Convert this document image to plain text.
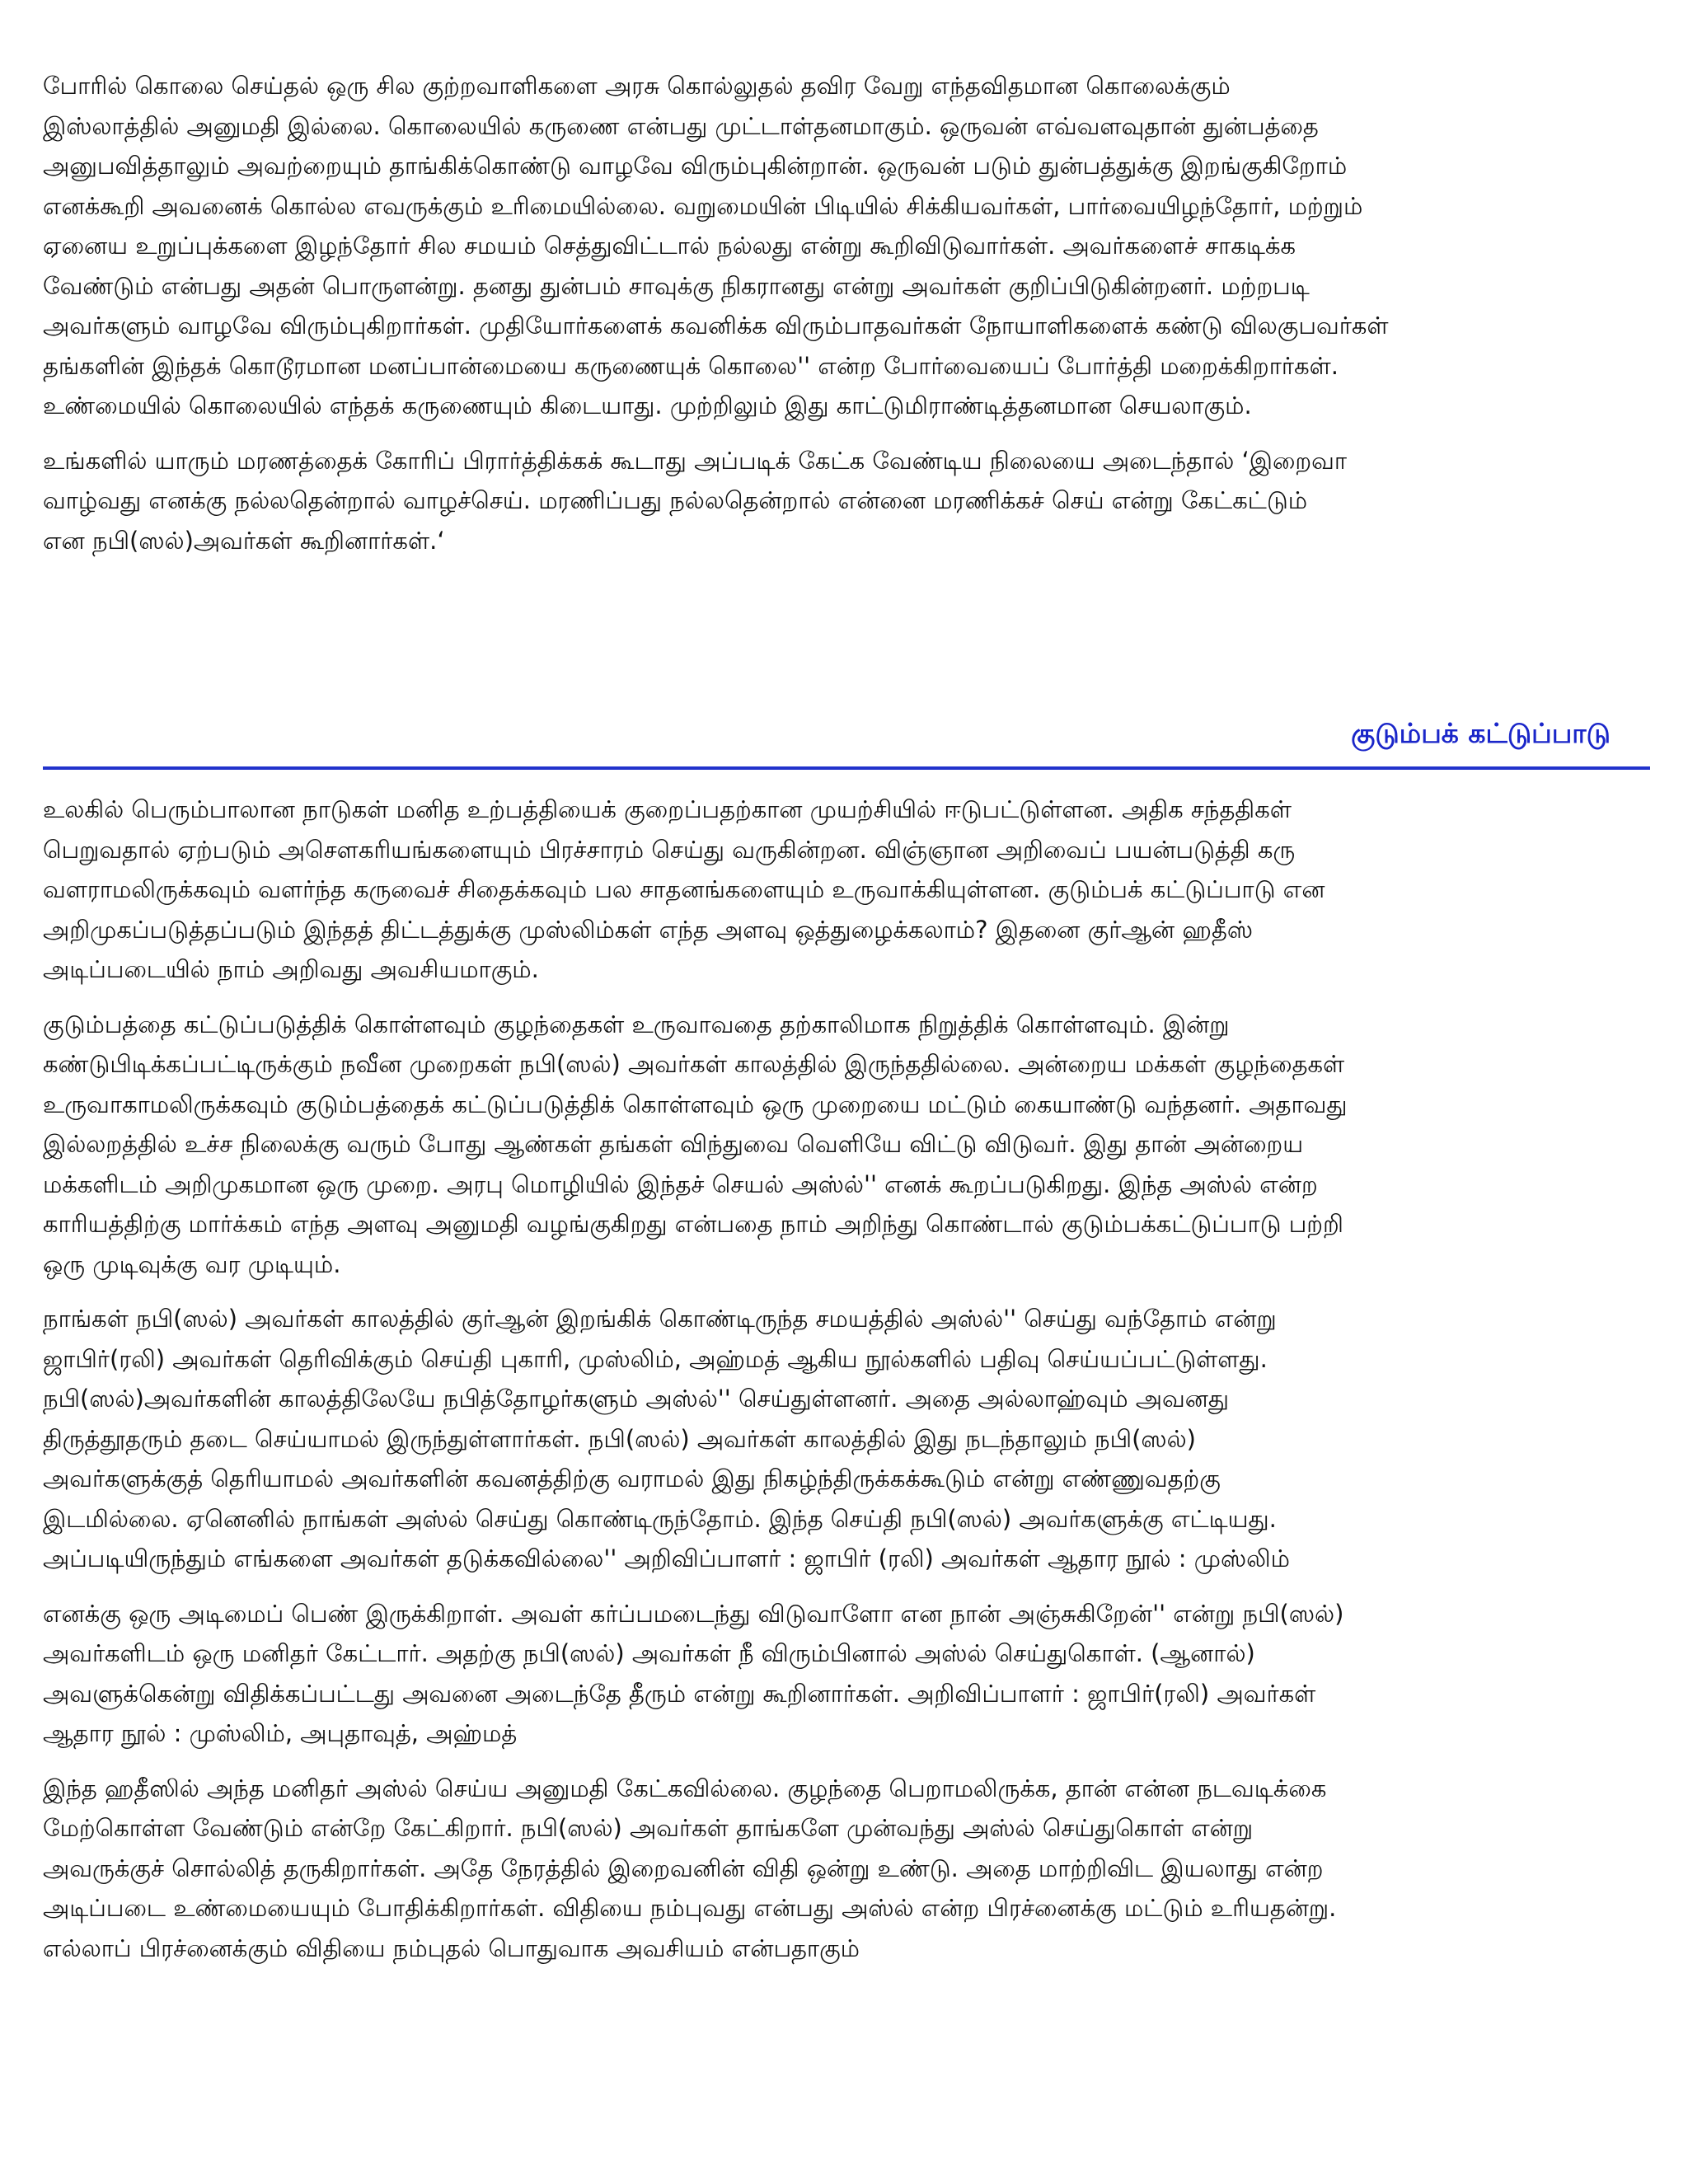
போரில் கொலை செய்தல் ஒரு சில குற்றவாளிகளை அரசு கொல்லுதல் தவிர வேறு எந்தவிதமான கொலைக்கும்
இஸ்லாத்தில் அனுமதி இல்லை. கொலையில் கருணை என்பது முட்டாள்தனமாகும். ஒருவன் எவ்வளவுதான் துன்பத்தை
அனுபவித்தாலும் அவற்றையும் தாங்கிக்கொண்டு வாழவே விரும்புகின்றான். ஒருவன் படும் துன்பத்துக்கு இறங்குகிறோம்
எனக்கூறி அவனைக் கொல்ல எவருக்கும் உரிமையில்லை. வறுமையின் பிடியில் சிக்கியவர்கள், பார்வையிழந்தோர், மற்றும்
ஏனைய உறுப்புக்களை இழந்தோர் சில சமயம் செத்துவிட்டால் நல்லது என்று கூறிவிடுவார்கள். அவர்களைச் சாகடிக்க
வேண்டும் என்பது அதன் பொருளன்று. தனது துன்பம் சாவுக்கு நிகரானது என்று அவர்கள் குறிப்பிடுகின்றனர். மற்றபடி
அவர்களும் வாழவே விரும்புகிறார்கள். முதியோர்களைக் கவனிக்க விரும்பாதவர்கள் நோயாளிகளைக் கண்டு விலகுபவர்கள்
தங்களின் இந்தக் கொடூரமான மனப்பான்மையை கருணையுக் கொலை'' என்ற போர்வையைப் போர்த்தி மறைக்கிறார்கள்.
உண்மையில் கொலையில் எந்தக் கருணையும் கிடையாது. முற்றிலும் இது காட்டுமிராண்டித்தனமான செயலாகும்.
உங்களில் யாரும் மரணத்தைக் கோரிப் பிரார்த்திக்கக் கூடாது அப்படிக் கேட்க வேண்டிய நிலையை அடைந்தால் ‘இறைவா
வாழ்வது எனக்கு நல்லதென்றால் வாழச்செய். மரணிப்பது நல்லதென்றால் என்னை மரணிக்கச் செய் என்று கேட்கட்டும்
என நபி(ஸல்)அவர்கள் கூறினார்கள்.‘
குடும்பக் கட்டுப்பாடு
உலகில் பெரும்பாலான நாடுகள் மனித உற்பத்தியைக் குறைப்பதற்கான முயற்சியில் ஈடுபட்டுள்ளன. அதிக சந்ததிகள்
பெறுவதால் ஏற்படும் அசௌகரியங்களையும் பிரச்சாரம் செய்து வருகின்றன. விஞ்ஞான அறிவைப் பயன்படுத்தி கரு
வளராமலிருக்கவும் வளர்ந்த கருவைச் சிதைக்கவும் பல சாதனங்களையும் உருவாக்கியுள்ளன. குடும்பக் கட்டுப்பாடு என
அறிமுகப்படுத்தப்படும் இந்தத் திட்டத்துக்கு முஸ்லிம்கள் எந்த அளவு ஒத்துழைக்கலாம்? இதனை குர்ஆன் ஹதீஸ்
அடிப்படையில் நாம் அறிவது அவசியமாகும்.
குடும்பத்தை கட்டுப்படுத்திக் கொள்ளவும் குழந்தைகள் உருவாவதை தற்காலிமாக நிறுத்திக் கொள்ளவும். இன்று
கண்டுபிடிக்கப்பட்டிருக்கும் நவீன முறைகள் நபி(ஸல்) அவர்கள் காலத்தில் இருந்ததில்லை. அன்றைய மக்கள் குழந்தைகள்
உருவாகாமலிருக்கவும் குடும்பத்தைக் கட்டுப்படுத்திக் கொள்ளவும் ஒரு முறையை மட்டும் கையாண்டு வந்தனர். அதாவது
இல்லறத்தில் உச்ச நிலைக்கு வரும் போது ஆண்கள் தங்கள் விந்துவை வெளியே விட்டு விடுவர். இது தான் அன்றைய
மக்களிடம் அறிமுகமான ஒரு முறை. அரபு மொழியில் இந்தச் செயல் அஸ்ல்'' எனக் கூறப்படுகிறது. இந்த அஸ்ல் என்ற
காரியத்திற்கு மார்க்கம் எந்த அளவு அனுமதி வழங்குகிறது என்பதை நாம் அறிந்து கொண்டால் குடும்பக்கட்டுப்பாடு பற்றி
ஒரு முடிவுக்கு வர முடியும்.
நாங்கள் நபி(ஸல்) அவர்கள் காலத்தில் குர்ஆன் இறங்கிக் கொண்டிருந்த சமயத்தில் அஸ்ல்'' செய்து வந்தோம் என்று
ஜாபிர்(ரலி) அவர்கள் தெரிவிக்கும் செய்தி புகாரி, முஸ்லிம், அஹ்மத் ஆகிய நூல்களில் பதிவு செய்யப்பட்டுள்ளது.
நபி(ஸல்)அவர்களின் காலத்திலேயே நபித்தோழர்களும் அஸ்ல்'' செய்துள்ளனர். அதை அல்லாஹ்வும் அவனது
திருத்தூதரும் தடை செய்யாமல் இருந்துள்ளார்கள். நபி(ஸல்) அவர்கள் காலத்தில் இது நடந்தாலும் நபி(ஸல்)
அவர்களுக்குத் தெரியாமல் அவர்களின் கவனத்திற்கு வராமல் இது நிகழ்ந்திருக்கக்கூடும் என்று எண்ணுவதற்கு
இடமில்லை. ஏனெனில் நாங்கள் அஸ்ல் செய்து கொண்டிருந்தோம். இந்த செய்தி நபி(ஸல்) அவர்களுக்கு எட்டியது.
அப்படியிருந்தும் எங்களை அவர்கள் தடுக்கவில்லை'' அறிவிப்பாளர் : ஜாபிர் (ரலி) அவர்கள் ஆதார நூல் : முஸ்லிம்
எனக்கு ஒரு அடிமைப் பெண் இருக்கிறாள். அவள் கர்ப்பமடைந்து விடுவாளோ என நான் அஞ்சுகிறேன்'' என்று நபி(ஸல்)
அவர்களிடம் ஒரு மனிதர் கேட்டார். அதற்கு நபி(ஸல்) அவர்கள் நீ விரும்பினால் அஸ்ல் செய்துகொள். (ஆனால்)
அவளுக்கென்று விதிக்கப்பட்டது அவனை அடைந்தே தீரும் என்று கூறினார்கள். அறிவிப்பாளர் : ஜாபிர்(ரலி) அவர்கள்
ஆதார நூல் : முஸ்லிம், அபுதாவுத், அஹ்மத்
இந்த ஹதீஸில் அந்த மனிதர் அஸ்ல் செய்ய அனுமதி கேட்கவில்லை. குழந்தை பெறாமலிருக்க, தான் என்ன நடவடிக்கை
மேற்கொள்ள வேண்டும் என்றே கேட்கிறார். நபி(ஸல்) அவர்கள் தாங்களே முன்வந்து அஸ்ல் செய்துகொள் என்று
அவருக்குச் சொல்லித் தருகிறார்கள். அதே நேரத்தில் இறைவனின் விதி ஒன்று உண்டு. அதை மாற்றிவிட இயலாது என்ற
அடிப்படை உண்மையையும் போதிக்கிறார்கள். விதியை நம்புவது என்பது அஸ்ல் என்ற பிரச்னைக்கு மட்டும் உரியதன்று.
எல்லாப் பிரச்னைக்கும் விதியை நம்புதல் பொதுவாக அவசியம் என்பதாகும்
